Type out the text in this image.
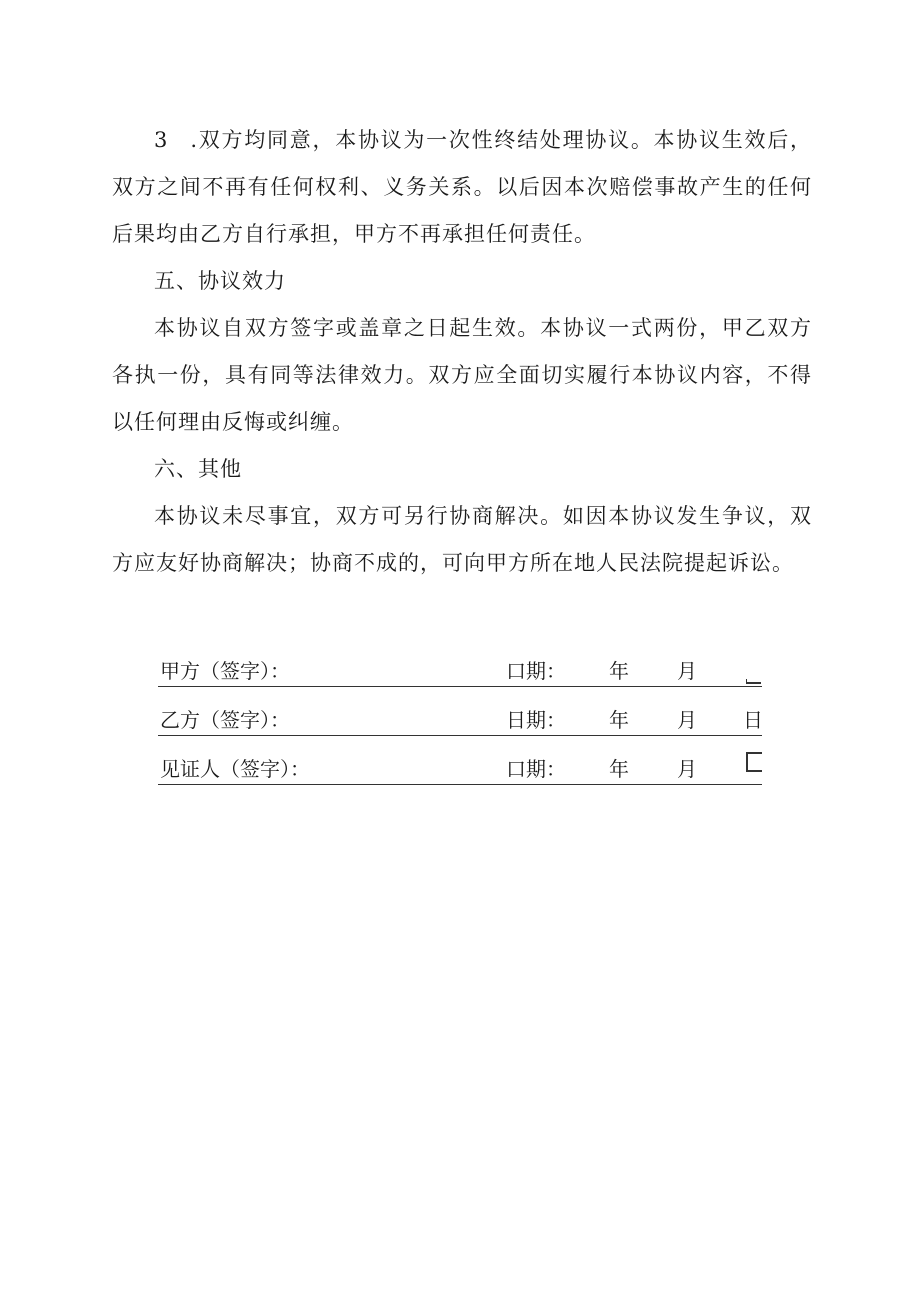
3 .双方均同意，本协议为一次性终结处理协议。本协议生效后，双方之间不再有任何权利、义务关系。以后因本次赔偿事故产生的任何后果均由乙方自行承担，甲方不再承担任何责任。

五、协议效力

本协议自双方签字或盖章之日起生效。本协议一式两份，甲乙双方各执一份，具有同等法律效力。双方应全面切实履行本协议内容，不得以任何理由反悔或纠缠。

六、其他

本协议未尽事宜，双方可另行协商解决。如因本协议发生争议，双方应友好协商解决；协商不成的，可向甲方所在地人民法院提起诉讼。

甲方（签字）：	口期： 年 月
乙方（签字）：	日期： 年 月 日
见证人（签字）：	口期： 年 月
